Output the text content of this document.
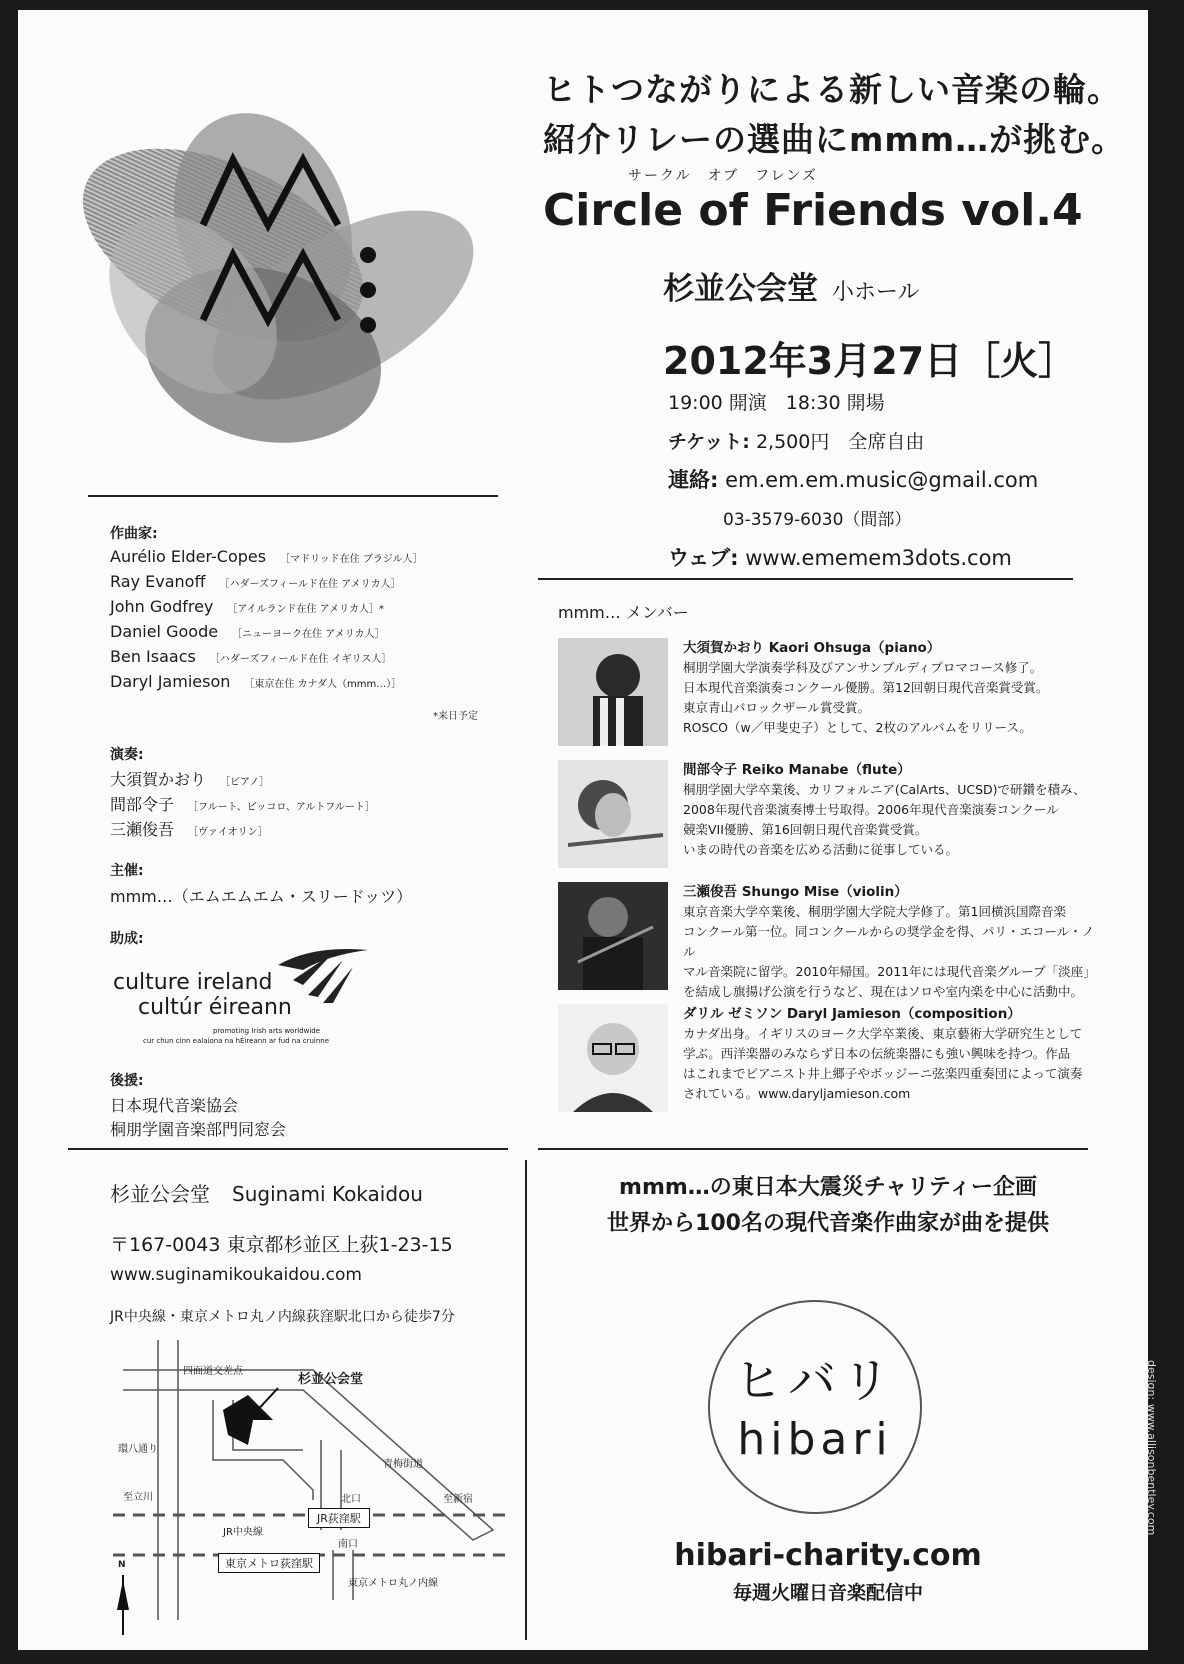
ヒトつながりによる新しい音楽の輪。
紹介リレーの選曲にmmm…が挑む。
サークル　オブ　フレンズ
Circle of Friends vol.4
杉並公会堂 小ホール
2012年3月27日［火］
19:00 開演　18:30 開場
チケット: 2,500円　全席自由
連絡: em.em.em.music@gmail.com
03-3579-6030（間部）
ウェブ: www.ememem3dots.com
作曲家:
Aurélio Elder-Copes ［マドリッド在住 ブラジル人］
Ray Evanoff ［ハダーズフィールド在住 アメリカ人］
John Godfrey ［アイルランド在住 アメリカ人］*
Daniel Goode ［ニューヨーク在住 アメリカ人］
Ben Isaacs ［ハダーズフィールド在住 イギリス人］
Daryl Jamieson ［東京在住 カナダ人（mmm…）］
*来日予定
演奏:
大須賀かおり ［ピアノ］
間部令子 ［フルート、ピッコロ、アルトフルート］
三瀬俊吾 ［ヴァイオリン］
主催:
mmm…（エムエムエム・スリードッツ）
助成:
culture ireland
cultúr éireann
promoting Irish arts worldwide
cur chun cinn ealaíona na hÉireann ar fud na cruinne
後援:
日本現代音楽協会
桐朋学園音楽部門同窓会
mmm… メンバー
大須賀かおり Kaori Ohsuga（piano）
桐朋学園大学演奏学科及びアンサンブルディプロマコース修了。
日本現代音楽演奏コンクール優勝。第12回朝日現代音楽賞受賞。
東京青山バロックザール賞受賞。
ROSCO（w／甲斐史子）として、2枚のアルバムをリリース。
間部令子 Reiko Manabe（flute）
桐朋学園大学卒業後、カリフォルニア(CalArts、UCSD)で研鑽を積み、
2008年現代音楽演奏博士号取得。2006年現代音楽演奏コンクール
競楽VII優勝、第16回朝日現代音楽賞受賞。
いまの時代の音楽を広める活動に従事している。
三瀬俊吾 Shungo Mise（violin）
東京音楽大学卒業後、桐朋学園大学院大学修了。第1回横浜国際音楽
コンクール第一位。同コンクールからの奨学金を得、パリ・エコール・ノル
マル音楽院に留学。2010年帰国。2011年には現代音楽グループ「淡座」
を結成し旗揚げ公演を行うなど、現在はソロや室内楽を中心に活動中。
ダリル ゼミソン Daryl Jamieson（composition）
カナダ出身。イギリスのヨーク大学卒業後、東京藝術大学研究生として
学ぶ。西洋楽器のみならず日本の伝統楽器にも強い興味を持つ。作品
はこれまでピアニスト井上郷子やボッジーニ弦楽四重奏団によって演奏
されている。www.daryljamieson.com
杉並公会堂 Suginami Kokaidou
〒167-0043 東京都杉並区上荻1-23-15
www.suginamikoukaidou.com
JR中央線・東京メトロ丸ノ内線荻窪駅北口から徒歩7分
四面道交差点
杉並公会堂
環八通り
青梅街道
至立川	至新宿
北口
JR荻窪駅
JR中央線
南口
東京メトロ荻窪駅
東京メトロ丸ノ内線
N
mmm…の東日本大震災チャリティー企画
世界から100名の現代音楽作曲家が曲を提供
ヒバリ
hibari
hibari-charity.com
毎週火曜日音楽配信中
design: www.allisonbentley.com
